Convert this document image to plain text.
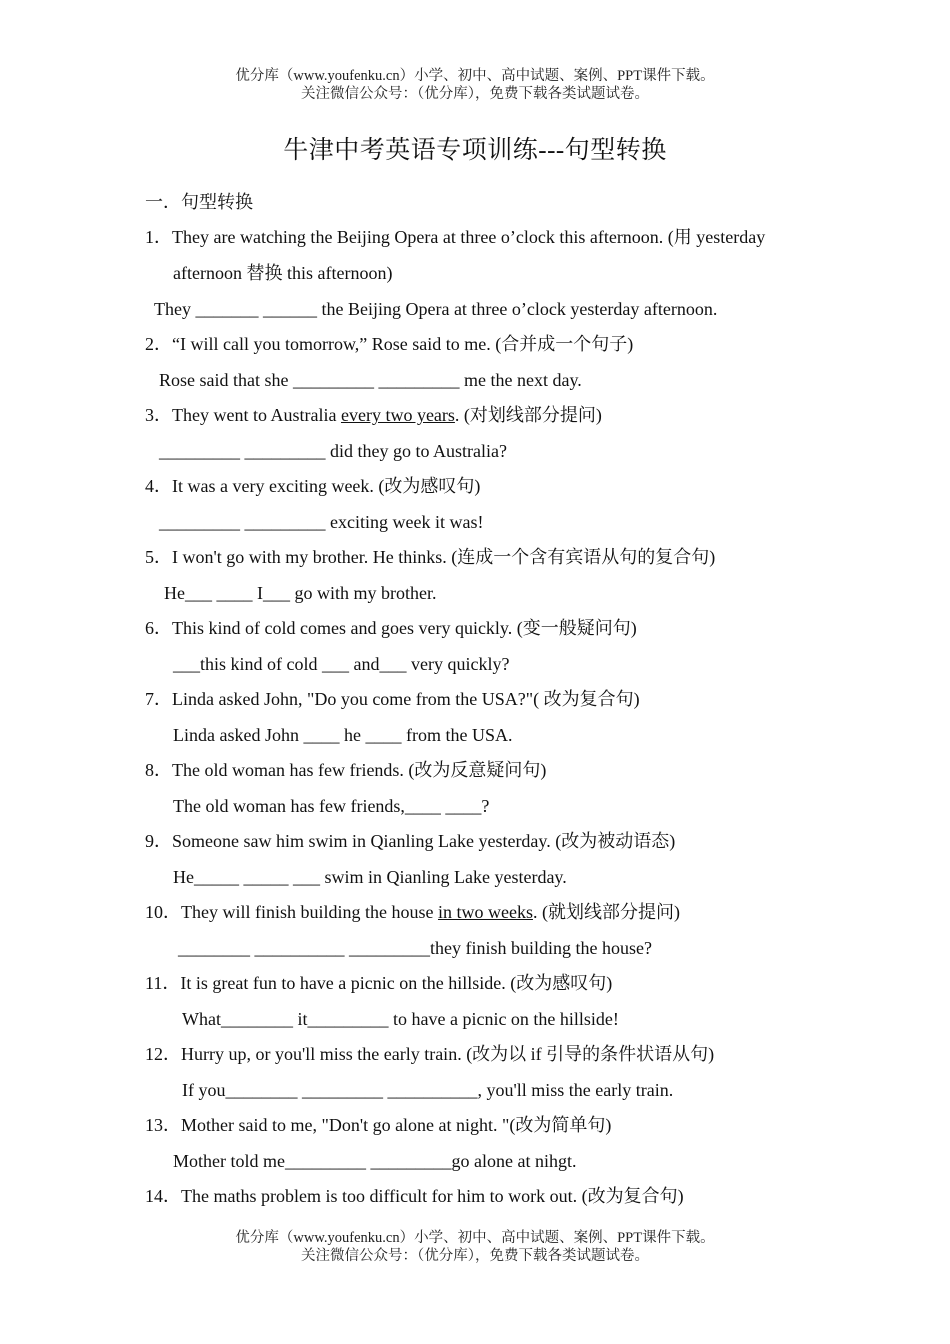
优分库（www.youfenku.cn）小学、初中、高中试题、案例、PPT课件下载。
关注微信公众号：（优分库），免费下载各类试题试卷。
牛津中考英语专项训练---句型转换
一．句型转换
1．They are watching the Beijing Opera at three o’clock this afternoon. (用 yesterday
afternoon 替换 this afternoon)
They _______ ______ the Beijing Opera at three o’clock yesterday afternoon.
2．“I will call you tomorrow,” Rose said to me. (合并成一个句子)
Rose said that she _________ _________ me the next day.
3．They went to Australia every two years. (对划线部分提问)
_________ _________ did they go to Australia?
4．It was a very exciting week. (改为感叹句)
_________ _________ exciting week it was!
5．I won't go with my brother. He thinks. (连成一个含有宾语从句的复合句)
He___ ____ I___ go with my brother.
6．This kind of cold comes and goes very quickly. (变一般疑问句)
___this kind of cold ___ and___ very quickly?
7．Linda asked John, "Do you come from the USA?"( 改为复合句)
Linda asked John ____ he ____ from the USA.
8．The old woman has few friends. (改为反意疑问句)
The old woman has few friends,____ ____?
9．Someone saw him swim in Qianling Lake yesterday. (改为被动语态)
He_____ _____ ___ swim in Qianling Lake yesterday.
10．They will finish building the house in two weeks. (就划线部分提问)
________ __________ _________they finish building the house?
11．It is great fun to have a picnic on the hillside. (改为感叹句)
What________ it_________ to have a picnic on the hillside!
12．Hurry up, or you'll miss the early train. (改为以 if 引导的条件状语从句)
If you________ _________ __________, you'll miss the early train.
13．Mother said to me, "Don't go alone at night. "(改为简单句)
Mother told me_________ _________go alone at nihgt.
14．The maths problem is too difficult for him to work out. (改为复合句)
优分库（www.youfenku.cn）小学、初中、高中试题、案例、PPT课件下载。
关注微信公众号：（优分库），免费下载各类试题试卷。
